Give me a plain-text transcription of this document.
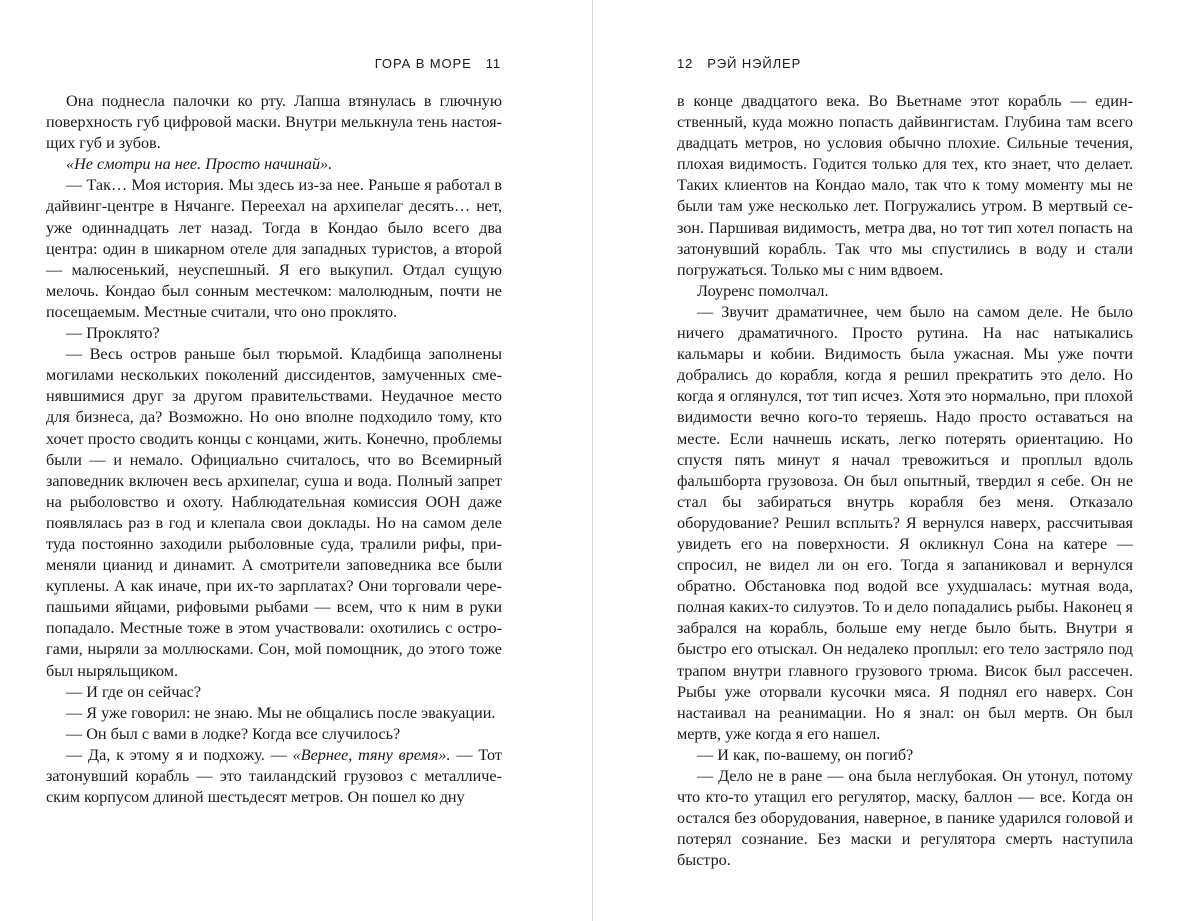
ГОРА В МОРЕ 11

Она поднесла палочки ко рту. Лапша втянулась в глючную поверхность губ цифровой маски. Внутри мелькнула тень настоящих губ и зубов.

«Не смотри на нее. Просто начинай».

— Так… Моя история. Мы здесь из-за нее. Раньше я работал в дайвинг-центре в Нячанге. Переехал на архипелаг десять… нет, уже одиннадцать лет назад. Тогда в Кондао было всего два центра: один в шикарном отеле для западных туристов, а второй — малюсенький, неуспешный. Я его выкупил. Отдал сущую мелочь. Кондао был сонным местечком: малолюдным, почти не посещаемым. Местные считали, что оно проклято.

— Проклято?

— Весь остров раньше был тюрьмой. Кладбища заполнены могилами нескольких поколений диссидентов, замученных сменявшимися друг за другом правительствами. Неудачное место для бизнеса, да? Возможно. Но оно вполне подходило тому, кто хочет просто сводить концы с концами, жить. Конечно, проблемы были — и немало. Официально считалось, что во Всемирный заповедник включен весь архипелаг, суша и вода. Полный запрет на рыболовство и охоту. Наблюдательная комиссия ООН даже появлялась раз в год и клепала свои доклады. Но на самом деле туда постоянно заходили рыболовные суда, тралили рифы, применяли цианид и динамит. А смотрители заповедника все были куплены. А как иначе, при их-то зарплатах? Они торговали черепашьими яйцами, рифовыми рыбами — всем, что к ним в руки попадало. Местные тоже в этом участвовали: охотились с острогами, ныряли за моллюсками. Сон, мой помощник, до этого тоже был ныряльщиком.

— И где он сейчас?

— Я уже говорил: не знаю. Мы не общались после эвакуации.

— Он был с вами в лодке? Когда все случилось?

— Да, к этому я и подхожу. — «Вернее, тяну время». — Тот затонувший корабль — это таиландский грузовоз с металлическим корпусом длиной шестьдесят метров. Он пошел ко дну

12 РЭЙ НЭЙЛЕР

в конце двадцатого века. Во Вьетнаме этот корабль — единственный, куда можно попасть дайвингистам. Глубина там всего двадцать метров, но условия обычно плохие. Сильные течения, плохая видимость. Годится только для тех, кто знает, что делает. Таких клиентов на Кондао мало, так что к тому моменту мы не были там уже несколько лет. Погружались утром. В мертвый сезон. Паршивая видимость, метра два, но тот тип хотел попасть на затонувший корабль. Так что мы спустились в воду и стали погружаться. Только мы с ним вдвоем.

Лоуренс помолчал.

— Звучит драматичнее, чем было на самом деле. Не было ничего драматичного. Просто рутина. На нас натыкались кальмары и кобии. Видимость была ужасная. Мы уже почти добрались до корабля, когда я решил прекратить это дело. Но когда я оглянулся, тот тип исчез. Хотя это нормально, при плохой видимости вечно кого-то теряешь. Надо просто оставаться на месте. Если начнешь искать, легко потерять ориентацию. Но спустя пять минут я начал тревожиться и проплыл вдоль фальшборта грузовоза. Он был опытный, твердил я себе. Он не стал бы забираться внутрь корабля без меня. Отказало оборудование? Решил всплыть? Я вернулся наверх, рассчитывая увидеть его на поверхности. Я окликнул Сона на катере — спросил, не видел ли он его. Тогда я запаниковал и вернулся обратно. Обстановка под водой все ухудшалась: мутная вода, полная каких-то силуэтов. То и дело попадались рыбы. Наконец я забрался на корабль, больше ему негде было быть. Внутри я быстро его отыскал. Он недалеко проплыл: его тело застряло под трапом внутри главного грузового трюма. Висок был рассечен. Рыбы уже оторвали кусочки мяса. Я поднял его наверх. Сон настаивал на реанимации. Но я знал: он был мертв. Он был мертв, уже когда я его нашел.

— И как, по-вашему, он погиб?

— Дело не в ране — она была неглубокая. Он утонул, потому что кто-то утащил его регулятор, маску, баллон — все. Когда он остался без оборудования, наверное, в панике ударился головой и потерял сознание. Без маски и регулятора смерть наступила быстро.
